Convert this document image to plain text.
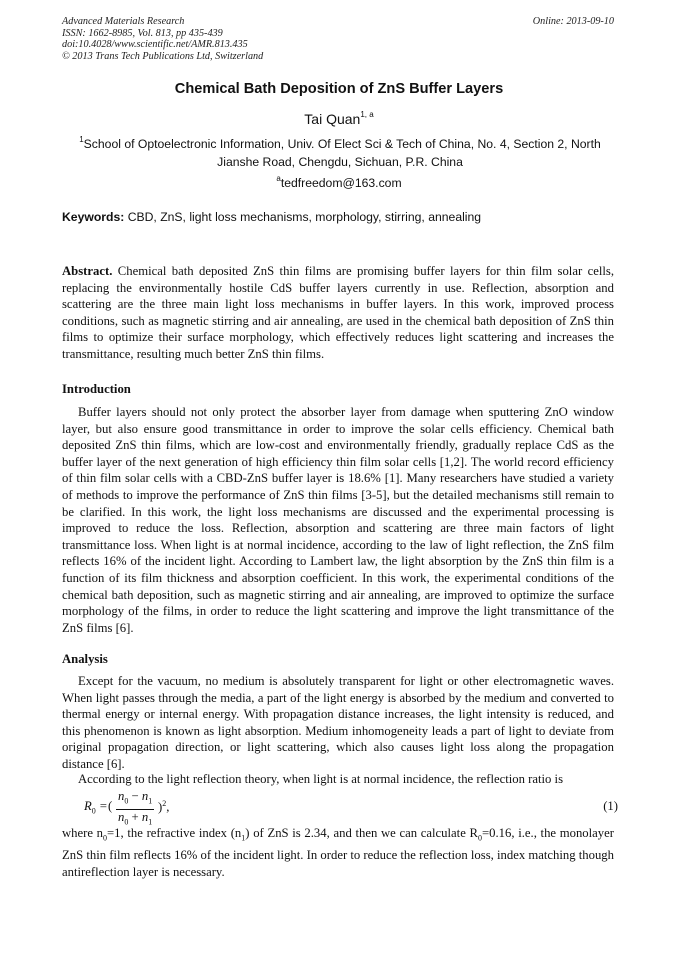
Advanced Materials Research
ISSN: 1662-8985, Vol. 813, pp 435-439
doi:10.4028/www.scientific.net/AMR.813.435
© 2013 Trans Tech Publications Ltd, Switzerland
Online: 2013-09-10
Chemical Bath Deposition of ZnS Buffer Layers
Tai Quan$^{1, a}$
$^1$School of Optoelectronic Information, Univ. Of Elect Sci & Tech of China, No. 4, Section 2, North Jianshe Road, Chengdu, Sichuan, P.R. China
$^a$tedfreedom@163.com
Keywords: CBD, ZnS, light loss mechanisms, morphology, stirring, annealing
Abstract. Chemical bath deposited ZnS thin films are promising buffer layers for thin film solar cells, replacing the environmentally hostile CdS buffer layers currently in use. Reflection, absorption and scattering are the three main light loss mechanisms in buffer layers. In this work, improved process conditions, such as magnetic stirring and air annealing, are used in the chemical bath deposition of ZnS thin films to optimize their surface morphology, which effectively reduces light scattering and increases the transmittance, resulting much better ZnS thin films.
Introduction
Buffer layers should not only protect the absorber layer from damage when sputtering ZnO window layer, but also ensure good transmittance in order to improve the solar cells efficiency. Chemical bath deposited ZnS thin films, which are low-cost and environmentally friendly, gradually replace CdS as the buffer layer of the next generation of high efficiency thin film solar cells [1,2]. The world record efficiency of thin film solar cells with a CBD-ZnS buffer layer is 18.6% [1]. Many researchers have studied a variety of methods to improve the performance of ZnS thin films [3-5], but the detailed mechanisms still remain to be clarified. In this work, the light loss mechanisms are discussed and the experimental processing is improved to reduce the loss. Reflection, absorption and scattering are three main factors of light transmittance loss. When light is at normal incidence, according to the law of light reflection, the ZnS film reflects 16% of the incident light. According to Lambert law, the light absorption by the ZnS thin film is a function of its film thickness and absorption coefficient. In this work, the experimental conditions of the chemical bath deposition, such as magnetic stirring and air annealing, are improved to optimize the surface morphology of the films, in order to reduce the light scattering and improve the light transmittance of the ZnS films [6].
Analysis
Except for the vacuum, no medium is absolutely transparent for light or other electromagnetic waves. When light passes through the media, a part of the light energy is absorbed by the medium and converted to thermal energy or internal energy. With propagation distance increases, the light intensity is reduced, and this phenomenon is known as light absorption. Medium inhomogeneity leads a part of light to deviate from original propagation direction, or light scattering, which also causes light loss along the propagation distance [6].
According to the light reflection theory, when light is at normal incidence, the reflection ratio is
$R_0$ = ( $\frac{n_0 - n_1}{n_0 + n_1} )^2$,	(1)
where $n_0=1$, the refractive index $(n_1)$ of ZnS is 2.34, and then we can calculate $R_0=0.16$, i.e., the monolayer ZnS thin film reflects 16% of the incident light. In order to reduce the reflection loss, index matching though antireflection layer is necessary.
